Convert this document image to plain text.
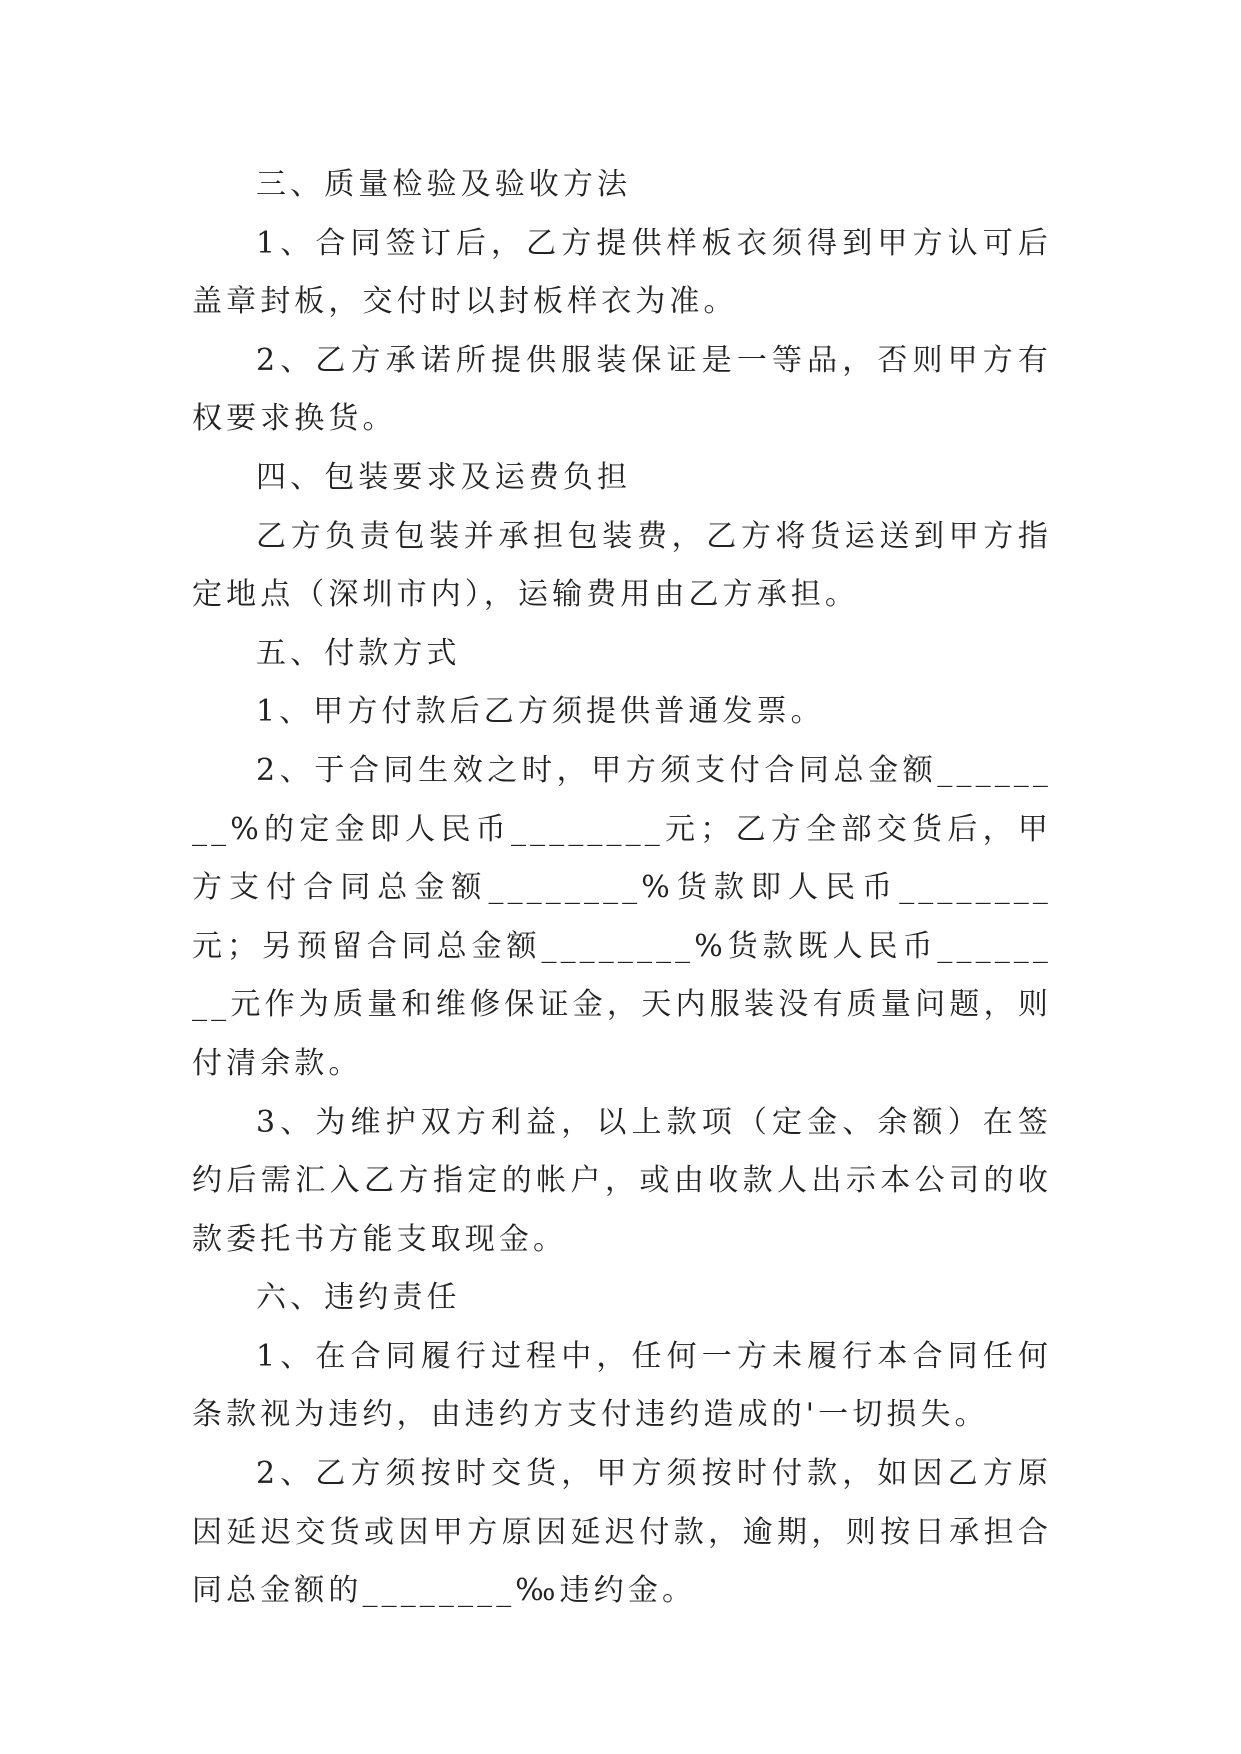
三、质量检验及验收方法

1、合同签订后，乙方提供样板衣须得到甲方认可后盖章封板，交付时以封板样衣为准。

2、乙方承诺所提供服装保证是一等品，否则甲方有权要求换货。

四、包装要求及运费负担

乙方负责包装并承担包装费，乙方将货运送到甲方指定地点（深圳市内），运输费用由乙方承担。

五、付款方式

1、甲方付款后乙方须提供普通发票。

2、于合同生效之时，甲方须支付合同总金额________%的定金即人民币________元；乙方全部交货后，甲方支付合同总金额________%货款即人民币________元；另预留合同总金额________%货款既人民币________元作为质量和维修保证金，天内服装没有质量问题，则付清余款。

3、为维护双方利益，以上款项（定金、余额）在签约后需汇入乙方指定的帐户，或由收款人出示本公司的收款委托书方能支取现金。

六、违约责任

1、在合同履行过程中，任何一方未履行本合同任何条款视为违约，由违约方支付违约造成的'一切损失。

2、乙方须按时交货，甲方须按时付款，如因乙方原因延迟交货或因甲方原因延迟付款，逾期，则按日承担合同总金额的________‰违约金。
